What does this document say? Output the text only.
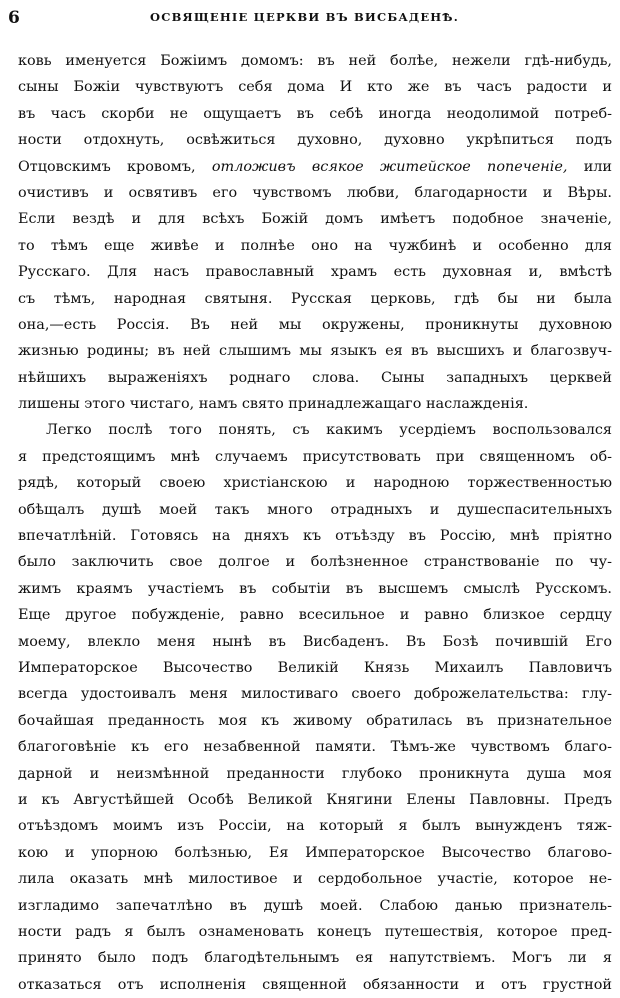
6	ОСВЯЩЕНІЕ ЦЕРКВИ ВЪ ВИСБАДЕНѢ.
ковь именуется Божіимъ домомъ: въ ней болѣе, нежели гдѣ-нибудь,
сыны Божіи чувствуютъ себя дома И кто же въ часъ радости и
въ часъ скорби не ощущаетъ въ себѣ иногда неодолимой потреб-
ности отдохнуть, освѣжиться духовно, духовно укрѣпиться подъ
Отцовскимъ кровомъ, отложивъ всякое житейское попеченіе, или
очистивъ и освятивъ его чувствомъ любви, благодарности и Вѣры.
Если вездѣ и для всѣхъ Божій домъ имѣетъ подобное значеніе,
то тѣмъ еще живѣе и полнѣе оно на чужбинѣ и особенно для
Русскаго. Для насъ православный храмъ есть духовная и, вмѣстѣ
съ тѣмъ, народная святыня. Русская церковь, гдѣ бы ни была
она,—есть Россія. Въ ней мы окружены, проникнуты духовною
жизнью родины; въ ней слышимъ мы языкъ ея въ высшихъ и благозвуч-
нѣйшихъ выраженіяхъ роднаго слова. Сыны западныхъ церквей
лишены этого чистаго, намъ свято принадлежащаго наслажденія.
Легко послѣ того понять, съ какимъ усердіемъ воспользовался
я предстоящимъ мнѣ случаемъ присутствовать при священномъ об-
рядѣ, который своею христіанскою и народною торжественностью
обѣщалъ душѣ моей такъ много отрадныхъ и душеспасительныхъ
впечатлѣній. Готовясь на дняхъ къ отъѣзду въ Россію, мнѣ пріятно
было заключить свое долгое и болѣзненное странствованіе по чу-
жимъ краямъ участіемъ въ событіи въ высшемъ смыслѣ Русскомъ.
Еще другое побужденіе, равно всесильное и равно близкое сердцу
моему, влекло меня нынѣ въ Висбаденъ. Въ Бозѣ почившій Его
Императорское Высочество Великій Князь Михаилъ Павловичъ
всегда удостоивалъ меня милостиваго своего доброжелательства: глу-
бочайшая преданность моя къ живому обратилась въ признательное
благоговѣніе къ его незабвенной памяти. Тѣмъ-же чувствомъ благо-
дарной и неизмѣнной преданности глубоко проникнута душа моя
и къ Августѣйшей Особѣ Великой Княгини Елены Павловны. Предъ
отъѣздомъ моимъ изъ Россіи, на который я былъ вынужденъ тяж-
кою и упорною болѣзнью, Ея Императорское Высочество благово-
лила оказать мнѣ милостивое и сердобольное участіе, которое не-
изгладимо запечатлѣно въ душѣ моей. Слабою данью признатель-
ности радъ я былъ ознаменовать конецъ путешествія, которое пред-
принято было подъ благодѣтельнымъ ея напутствіемъ. Могъ ли я
отказаться отъ исполненія священной обязанности и отъ грустной
